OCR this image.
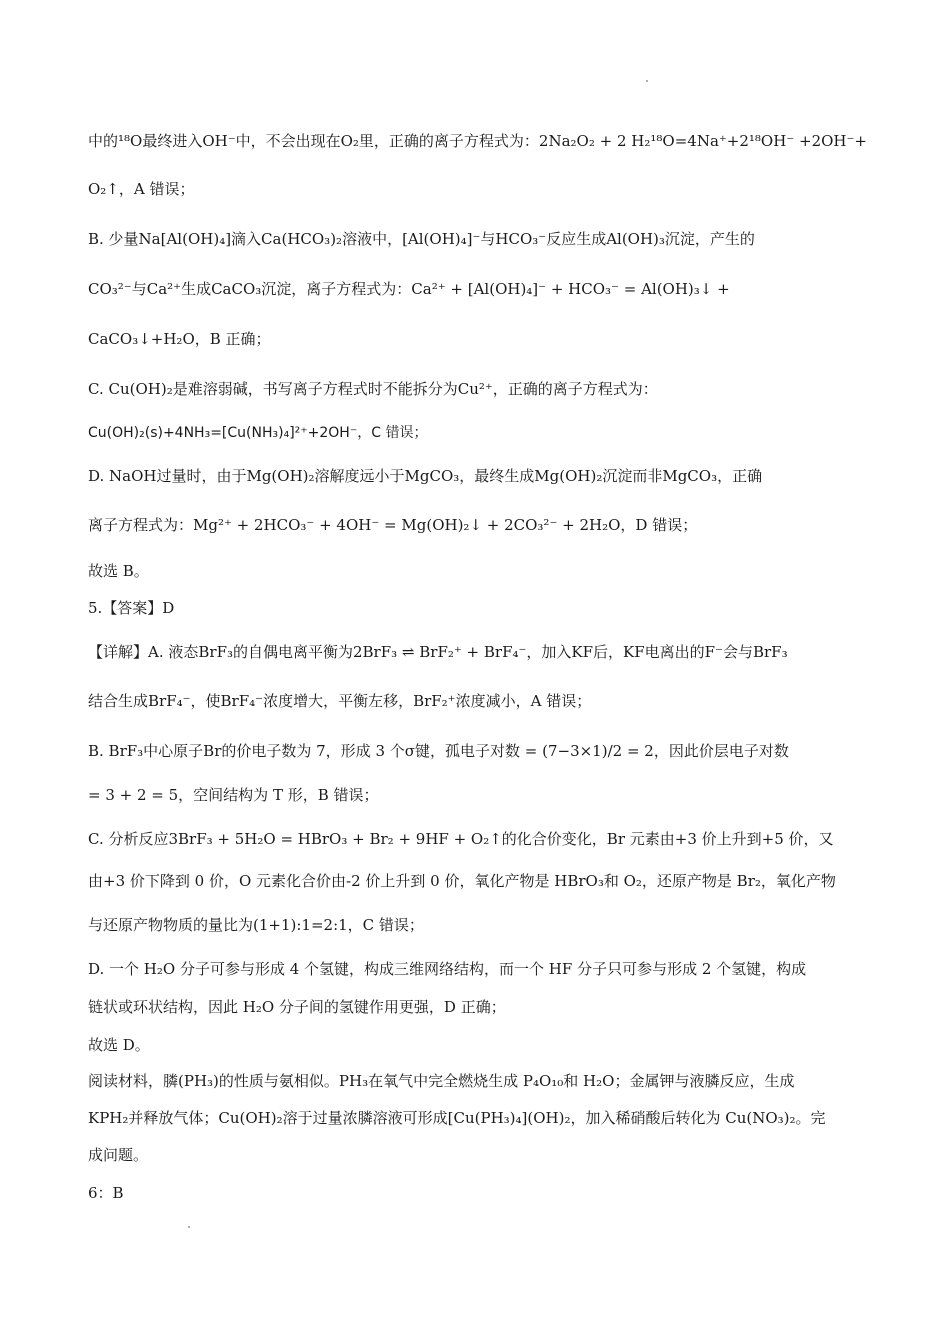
中的¹⁸O最终进入OH⁻中，不会出现在O₂里，正确的离子方程式为：2Na₂O₂ + 2 H₂¹⁸O=4Na⁺+2¹⁸OH⁻ +2OH⁻+
O₂↑，A 错误；
B. 少量Na[Al(OH)₄]滴入Ca(HCO₃)₂溶液中，[Al(OH)₄]⁻与HCO₃⁻反应生成Al(OH)₃沉淀，产生的
CO₃²⁻与Ca²⁺生成CaCO₃沉淀，离子方程式为：Ca²⁺ + [Al(OH)₄]⁻ + HCO₃⁻ = Al(OH)₃↓ +
CaCO₃↓+H₂O，B 正确；
C. Cu(OH)₂是难溶弱碱，书写离子方程式时不能拆分为Cu²⁺，正确的离子方程式为：
Cu(OH)₂(s)+4NH₃=[Cu(NH₃)₄]²⁺+2OH⁻，C 错误；
D. NaOH过量时，由于Mg(OH)₂溶解度远小于MgCO₃，最终生成Mg(OH)₂沉淀而非MgCO₃，正确
离子方程式为：Mg²⁺ + 2HCO₃⁻ + 4OH⁻ = Mg(OH)₂↓ + 2CO₃²⁻ + 2H₂O，D 错误；
故选 B。
5.【答案】D
【详解】A. 液态BrF₃的自偶电离平衡为2BrF₃ ⇌ BrF₂⁺ + BrF₄⁻，加入KF后，KF电离出的F⁻会与BrF₃
结合生成BrF₄⁻，使BrF₄⁻浓度增大，平衡左移，BrF₂⁺浓度减小，A 错误；
B. BrF₃中心原子Br的价电子数为 7，形成 3 个σ键，孤电子对数 = (7−3×1)/2 = 2，因此价层电子对数
= 3 + 2 = 5，空间结构为 T 形，B 错误；
C. 分析反应3BrF₃ + 5H₂O = HBrO₃ + Br₂ + 9HF + O₂↑的化合价变化，Br 元素由+3 价上升到+5 价，又
由+3 价下降到 0 价，O 元素化合价由-2 价上升到 0 价，氧化产物是 HBrO₃和 O₂，还原产物是 Br₂，氧化产物
与还原产物物质的量比为(1+1):1=2:1，C 错误；
D. 一个 H₂O 分子可参与形成 4 个氢键，构成三维网络结构，而一个 HF 分子只可参与形成 2 个氢键，构成
链状或环状结构，因此 H₂O 分子间的氢键作用更强，D 正确；
故选 D。
阅读材料，膦(PH₃)的性质与氨相似。PH₃在氧气中完全燃烧生成 P₄O₁₀和 H₂O；金属钾与液膦反应，生成
KPH₂并释放气体；Cu(OH)₂溶于过量浓膦溶液可形成[Cu(PH₃)₄](OH)₂，加入稀硝酸后转化为 Cu(NO₃)₂。完
成问题。
6：B
